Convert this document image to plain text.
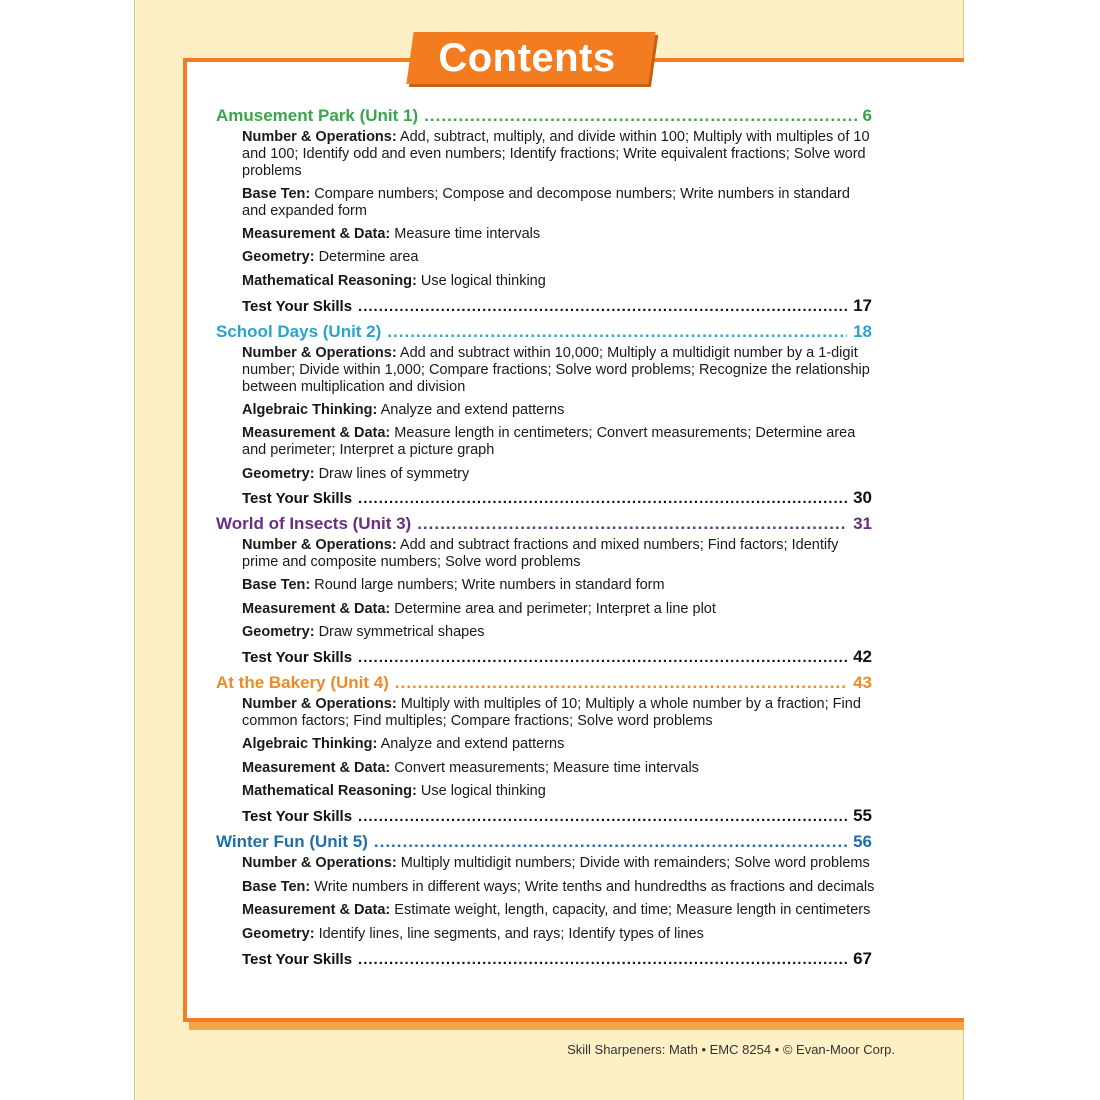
Contents
Amusement Park (Unit 1) .....	6
Number & Operations: Add, subtract, multiply, and divide within 100; Multiply with multiples of 10 and 100; Identify odd and even numbers; Identify fractions; Write equivalent fractions; Solve word problems
Base Ten: Compare numbers; Compose and decompose numbers; Write numbers in standard and expanded form
Measurement & Data: Measure time intervals
Geometry: Determine area
Mathematical Reasoning: Use logical thinking
Test Your Skills .....	17
School Days (Unit 2) .....	18
Number & Operations: Add and subtract within 10,000; Multiply a multidigit number by a 1-digit number; Divide within 1,000; Compare fractions; Solve word problems; Recognize the relationship between multiplication and division
Algebraic Thinking: Analyze and extend patterns
Measurement & Data: Measure length in centimeters; Convert measurements; Determine area and perimeter; Interpret a picture graph
Geometry: Draw lines of symmetry
Test Your Skills .....	30
World of Insects (Unit 3) .....	31
Number & Operations: Add and subtract fractions and mixed numbers; Find factors; Identify prime and composite numbers; Solve word problems
Base Ten: Round large numbers; Write numbers in standard form
Measurement & Data: Determine area and perimeter; Interpret a line plot
Geometry: Draw symmetrical shapes
Test Your Skills .....	42
At the Bakery (Unit 4) .....	43
Number & Operations: Multiply with multiples of 10; Multiply a whole number by a fraction; Find common factors; Find multiples; Compare fractions; Solve word problems
Algebraic Thinking: Analyze and extend patterns
Measurement & Data: Convert measurements; Measure time intervals
Mathematical Reasoning: Use logical thinking
Test Your Skills .....	55
Winter Fun (Unit 5) .....	56
Number & Operations: Multiply multidigit numbers; Divide with remainders; Solve word problems
Base Ten: Write numbers in different ways; Write tenths and hundredths as fractions and decimals
Measurement & Data: Estimate weight, length, capacity, and time; Measure length in centimeters
Geometry: Identify lines, line segments, and rays; Identify types of lines
Test Your Skills .....	67
Skill Sharpeners: Math • EMC 8254 • © Evan-Moor Corp.
